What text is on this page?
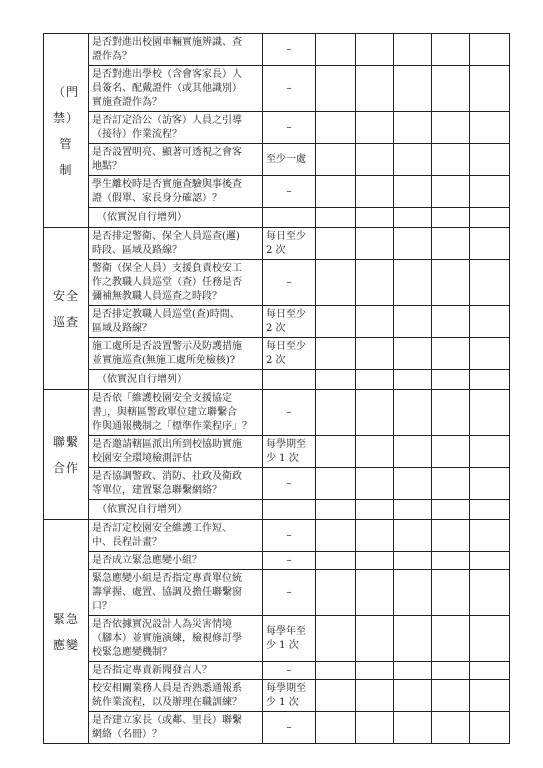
（門
禁）管
制	是否對進出校園車輛實施辨識、查
證作為？	–					
	是否對進出學校（含會客家長）人
員簽名、配戴證件（或其他識別）
實施查證作為？	–					
	是否訂定洽公（訪客）人員之引導
（接待）作業流程？	–					
	是否設置明亮、顯著可透視之會客
地點？	至少一處					
	學生離校時是否實施查驗與事後查
證（假單、家長身分確認）？	–					
	（依實況自行增列）						
安全
巡查	是否排定警衛、保全人員巡查(邏)
時段、區域及路線？	每日至少
2 次					
	警衛（保全人員）支援負責校安工
作之教職人員巡堂（查）任務是否
彌補無教職人員巡查之時段？	–					
	是否排定教職人員巡堂(查)時間、
區域及路線？	每日至少
2 次					
	施工處所是否設置警示及防護措施
並實施巡查(無施工處所免檢核)?	每日至少
2 次					
	（依實況自行增列）						
聯繫
合作	是否依「維護校園安全支援協定
書」，與轄區警政單位建立聯繫合
作與通報機制之「標準作業程序」？	–					
	是否邀請轄區派出所到校協助實施
校園安全環境檢測評估	每學期至
少 1 次					
	是否協調警政、消防、社政及衛政
等單位，建置緊急聯繫網絡？	–					
	（依實況自行增列）						
緊急
應變	是否訂定校園安全維護工作短、
中、長程計畫？	–					
	是否成立緊急應變小組？	–					
	緊急應變小組是否指定專責單位統
籌掌握、處置、協調及擔任聯繫窗
口？	–					
	是否依據實況設計人為災害情境
（腳本）並實施演練，檢視修訂學
校緊急應變機制？	每學年至
少 1 次					
	是否指定專責新聞發言人？	–					
	校安相關業務人員是否熟悉通報系
統作業流程，以及辦理在職訓練？	每學期至
少 1 次					
	是否建立家長（或鄰、里長）聯繫
網絡（名冊）？	–					
